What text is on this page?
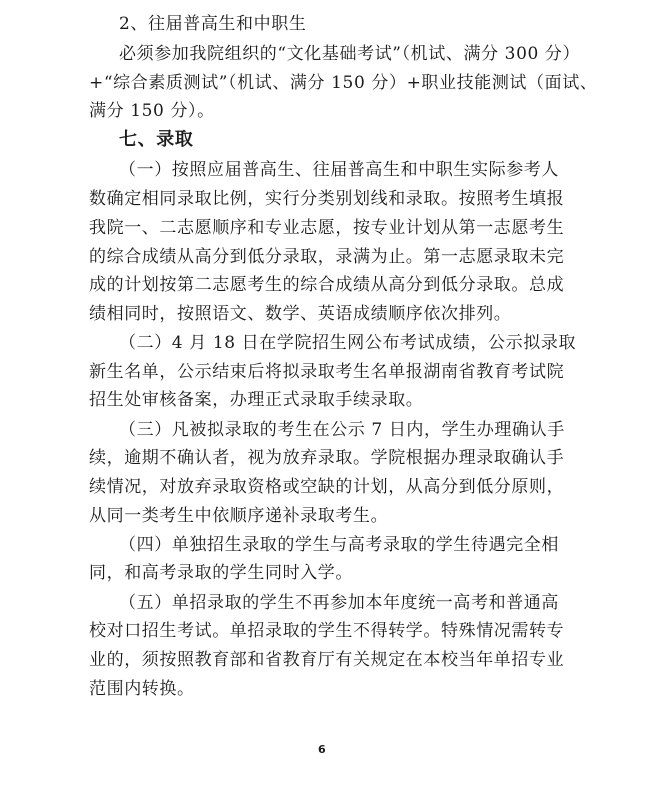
2、往届普高生和中职生
必须参加我院组织的“文化基础考试”（机试、满分 300 分）
+“综合素质测试”（机试、满分 150 分）+职业技能测试（面试、
满分 150 分）。
七、录取
（一）按照应届普高生、往届普高生和中职生实际参考人
数确定相同录取比例，实行分类别划线和录取。按照考生填报
我院一、二志愿顺序和专业志愿，按专业计划从第一志愿考生
的综合成绩从高分到低分录取，录满为止。第一志愿录取未完
成的计划按第二志愿考生的综合成绩从高分到低分录取。总成
绩相同时，按照语文、数学、英语成绩顺序依次排列。
（二）4 月 18 日在学院招生网公布考试成绩，公示拟录取
新生名单，公示结束后将拟录取考生名单报湖南省教育考试院
招生处审核备案，办理正式录取手续录取。
（三）凡被拟录取的考生在公示 7 日内，学生办理确认手
续，逾期不确认者，视为放弃录取。学院根据办理录取确认手
续情况，对放弃录取资格或空缺的计划，从高分到低分原则，
从同一类考生中依顺序递补录取考生。
（四）单独招生录取的学生与高考录取的学生待遇完全相
同，和高考录取的学生同时入学。
（五）单招录取的学生不再参加本年度统一高考和普通高
校对口招生考试。单招录取的学生不得转学。特殊情况需转专
业的，须按照教育部和省教育厅有关规定在本校当年单招专业
范围内转换。
6
